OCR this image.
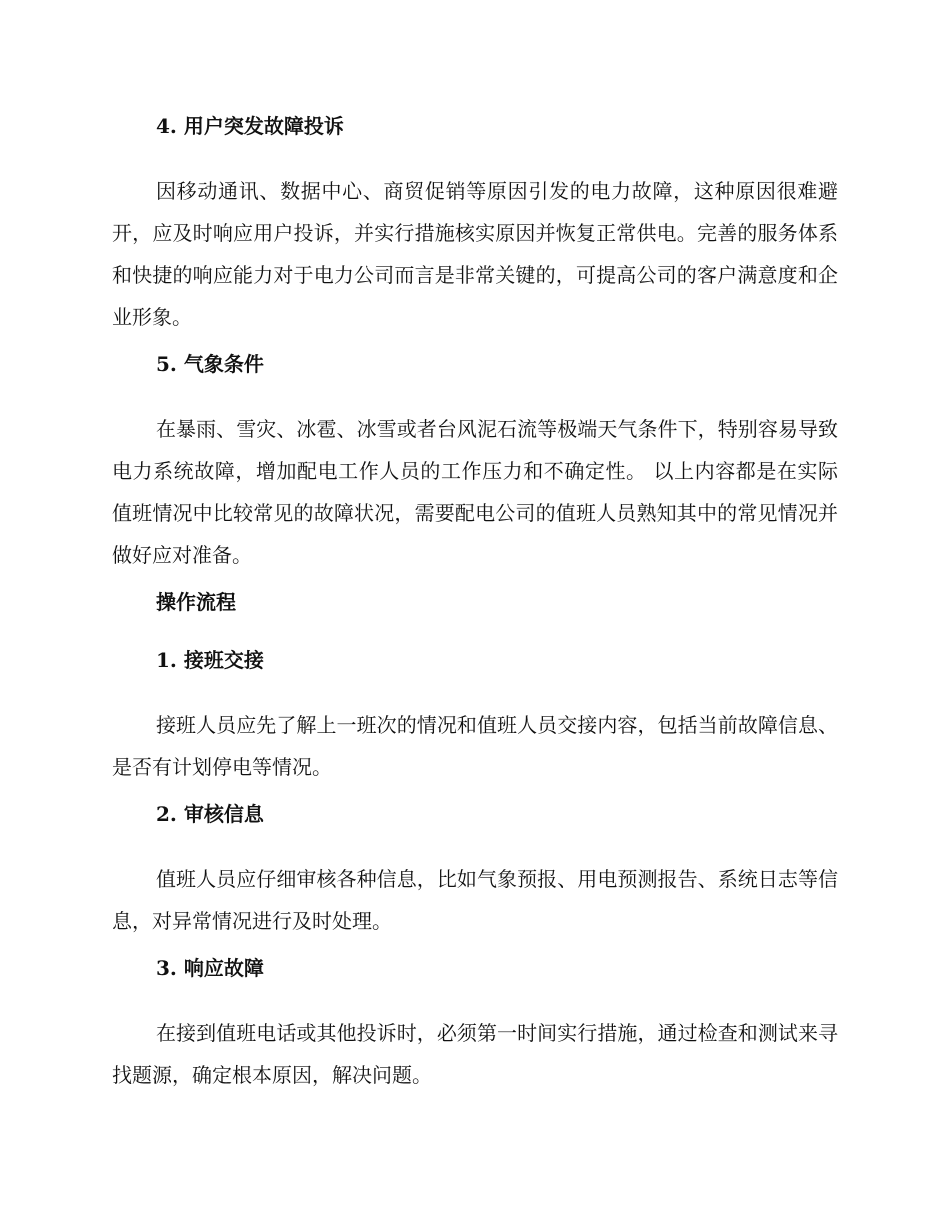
4. 用户突发故障投诉

因移动通讯、数据中心、商贸促销等原因引发的电力故障，这种原因很难避开，应及时响应用户投诉，并实行措施核实原因并恢复正常供电。完善的服务体系和快捷的响应能力对于电力公司而言是非常关键的，可提高公司的客户满意度和企业形象。

5. 气象条件

在暴雨、雪灾、冰雹、冰雪或者台风泥石流等极端天气条件下，特别容易导致电力系统故障，增加配电工作人员的工作压力和不确定性。 以上内容都是在实际值班情况中比较常见的故障状况，需要配电公司的值班人员熟知其中的常见情况并做好应对准备。

操作流程
1. 接班交接

接班人员应先了解上一班次的情况和值班人员交接内容，包括当前故障信息、是否有计划停电等情况。

2. 审核信息

值班人员应仔细审核各种信息，比如气象预报、用电预测报告、系统日志等信息，对异常情况进行及时处理。

3. 响应故障

在接到值班电话或其他投诉时，必须第一时间实行措施，通过检查和测试来寻找题源，确定根本原因，解决问题。
